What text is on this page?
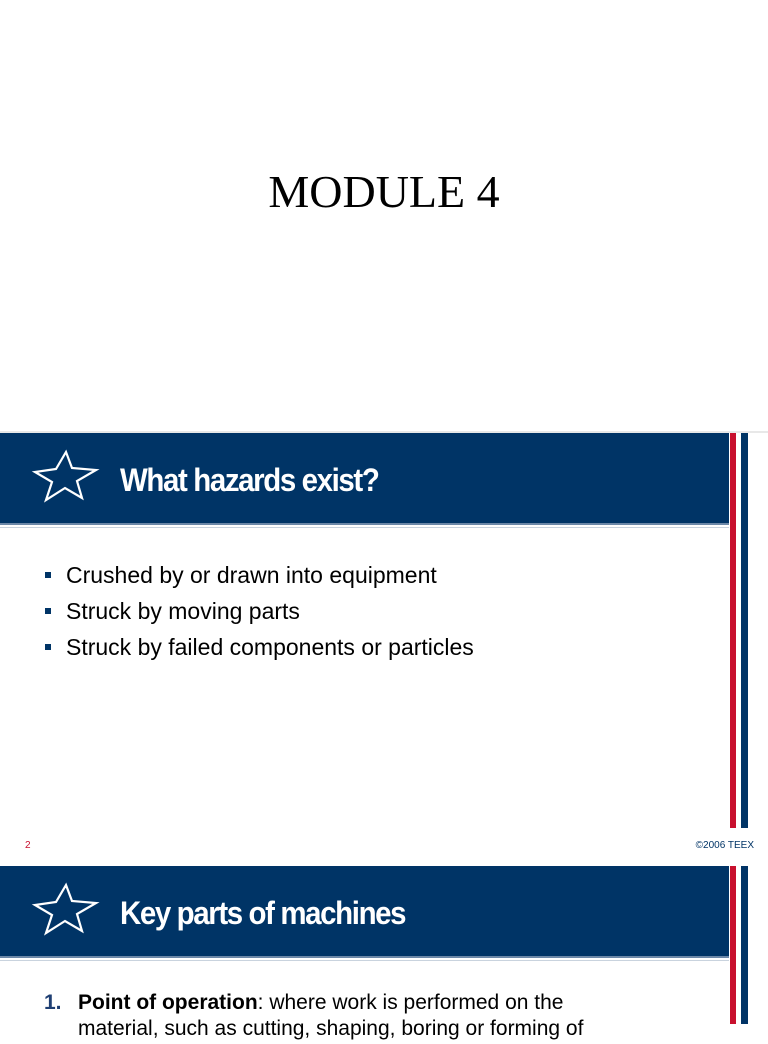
MODULE 4
What hazards exist?
Crushed by or drawn into equipment
Struck by moving parts
Struck by failed components or particles
2	©2006 TEEX
Key parts of machines
1. Point of operation: where work is performed on the
material, such as cutting, shaping, boring or forming of
